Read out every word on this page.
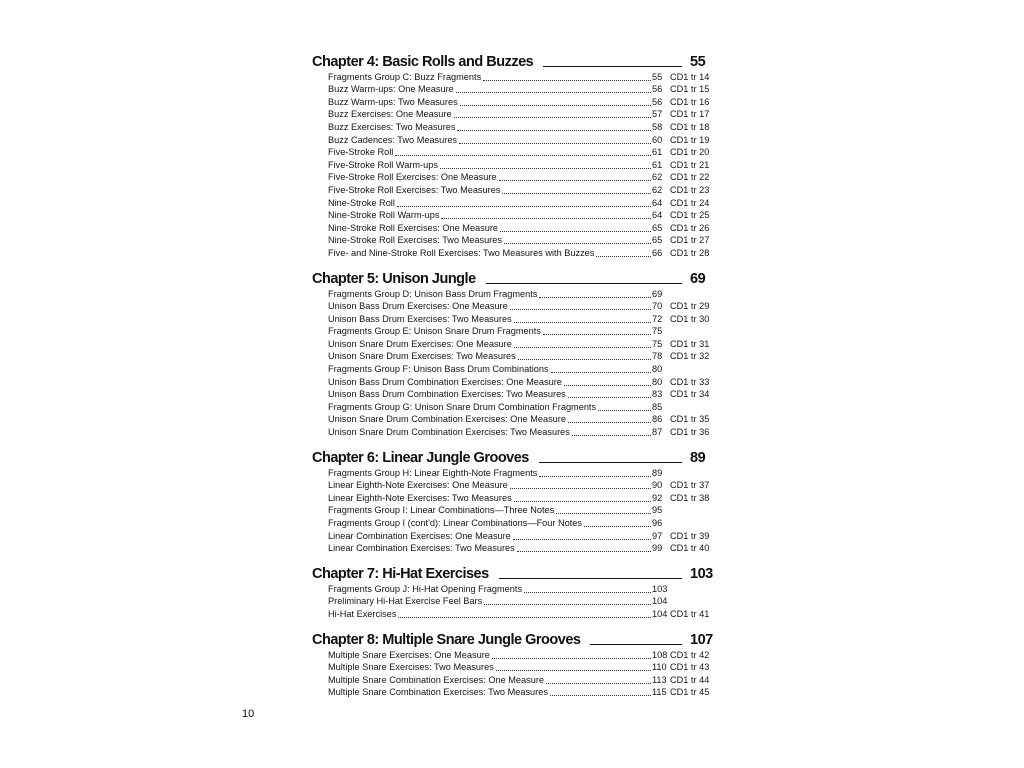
Chapter 4: Basic Rolls and Buzzes	55
Fragments Group C: Buzz Fragments	55 CD1 tr 14
Buzz Warm-ups: One Measure	56 CD1 tr 15
Buzz Warm-ups: Two Measures	56 CD1 tr 16
Buzz Exercises: One Measure	57 CD1 tr 17
Buzz Exercises: Two Measures	58 CD1 tr 18
Buzz Cadences: Two Measures	60 CD1 tr 19
Five-Stroke Roll	61 CD1 tr 20
Five-Stroke Roll Warm-ups	61 CD1 tr 21
Five-Stroke Roll Exercises: One Measure	62 CD1 tr 22
Five-Stroke Roll Exercises: Two Measures	62 CD1 tr 23
Nine-Stroke Roll	64 CD1 tr 24
Nine-Stroke Roll Warm-ups	64 CD1 tr 25
Nine-Stroke Roll Exercises: One Measure	65 CD1 tr 26
Nine-Stroke Roll Exercises: Two Measures	65 CD1 tr 27
Five- and Nine-Stroke Roll Exercises: Two Measures with Buzzes	66 CD1 tr 28
Chapter 5: Unison Jungle	69
Fragments Group D: Unison Bass Drum Fragments	69
Unison Bass Drum Exercises: One Measure	70 CD1 tr 29
Unison Bass Drum Exercises: Two Measures	72 CD1 tr 30
Fragments Group E: Unison Snare Drum Fragments	75
Unison Snare Drum Exercises: One Measure	75 CD1 tr 31
Unison Snare Drum Exercises: Two Measures	78 CD1 tr 32
Fragments Group F: Unison Bass Drum Combinations	80
Unison Bass Drum Combination Exercises: One Measure	80 CD1 tr 33
Unison Bass Drum Combination Exercises: Two Measures	83 CD1 tr 34
Fragments Group G: Unison Snare Drum Combination Fragments	85
Unison Snare Drum Combination Exercises: One Measure	86 CD1 tr 35
Unison Snare Drum Combination Exercises: Two Measures	87 CD1 tr 36
Chapter 6: Linear Jungle Grooves	89
Fragments Group H: Linear Eighth-Note Fragments	89
Linear Eighth-Note Exercises: One Measure	90 CD1 tr 37
Linear Eighth-Note Exercises: Two Measures	92 CD1 tr 38
Fragments Group I: Linear Combinations—Three Notes	95
Fragments Group I (cont'd): Linear Combinations—Four Notes	96
Linear Combination Exercises: One Measure	97 CD1 tr 39
Linear Combination Exercises: Two Measures	99 CD1 tr 40
Chapter 7: Hi-Hat Exercises	103
Fragments Group J: Hi-Hat Opening Fragments	103
Preliminary Hi-Hat Exercise Feel Bars	104
Hi-Hat Exercises	104 CD1 tr 41
Chapter 8: Multiple Snare Jungle Grooves	107
Multiple Snare Exercises: One Measure	108 CD1 tr 42
Multiple Snare Exercises: Two Measures	110 CD1 tr 43
Multiple Snare Combination Exercises: One Measure	113 CD1 tr 44
Multiple Snare Combination Exercises: Two Measures	115 CD1 tr 45
10
